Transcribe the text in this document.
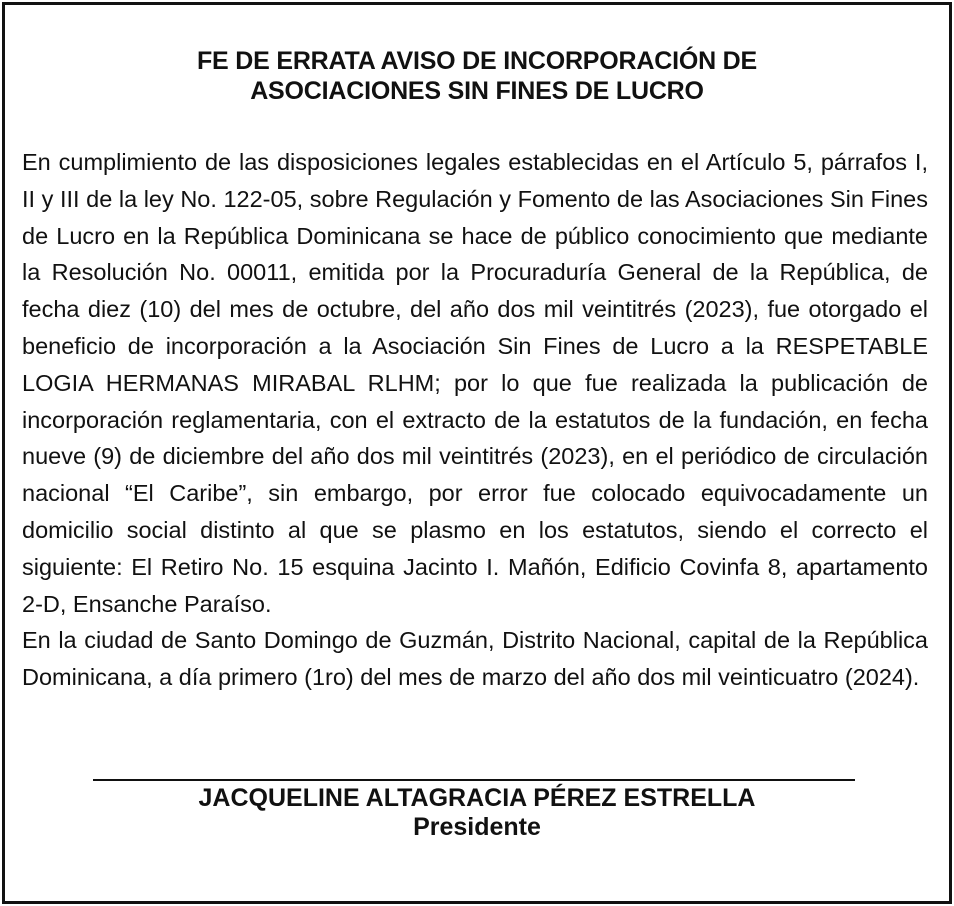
FE DE ERRATA AVISO DE INCORPORACIÓN DE
ASOCIACIONES SIN FINES DE LUCRO

En cumplimiento de las disposiciones legales establecidas en el Artículo 5, párrafos I, II y III de la ley No. 122-05, sobre Regulación y Fomento de las Asociaciones Sin Fines de Lucro en la República Dominicana se hace de público conocimiento que mediante la Resolución No. 00011, emitida por la Procuraduría General de la República, de fecha diez (10) del mes de octubre, del año dos mil veintitrés (2023), fue otorgado el beneficio de incorporación a la Asociación Sin Fines de Lucro a la RESPETABLE LOGIA HERMANAS MIRABAL RLHM; por lo que fue realizada la publicación de incorporación reglamentaria, con el extracto de la estatutos de la fundación, en fecha nueve (9) de diciembre del año dos mil veintitrés (2023), en el periódico de circulación nacional “El Caribe”, sin embargo, por error fue colocado equivocadamente un domicilio social distinto al que se plasmo en los estatutos, siendo el correcto el siguiente: El Retiro No. 15 esquina Jacinto I. Mañón, Edificio Covinfa 8, apartamento 2-D, Ensanche Paraíso.

En la ciudad de Santo Domingo de Guzmán, Distrito Nacional, capital de la República Dominicana, a día primero (1ro) del mes de marzo del año dos mil veinticuatro (2024).

JACQUELINE ALTAGRACIA PÉREZ ESTRELLA
Presidente
